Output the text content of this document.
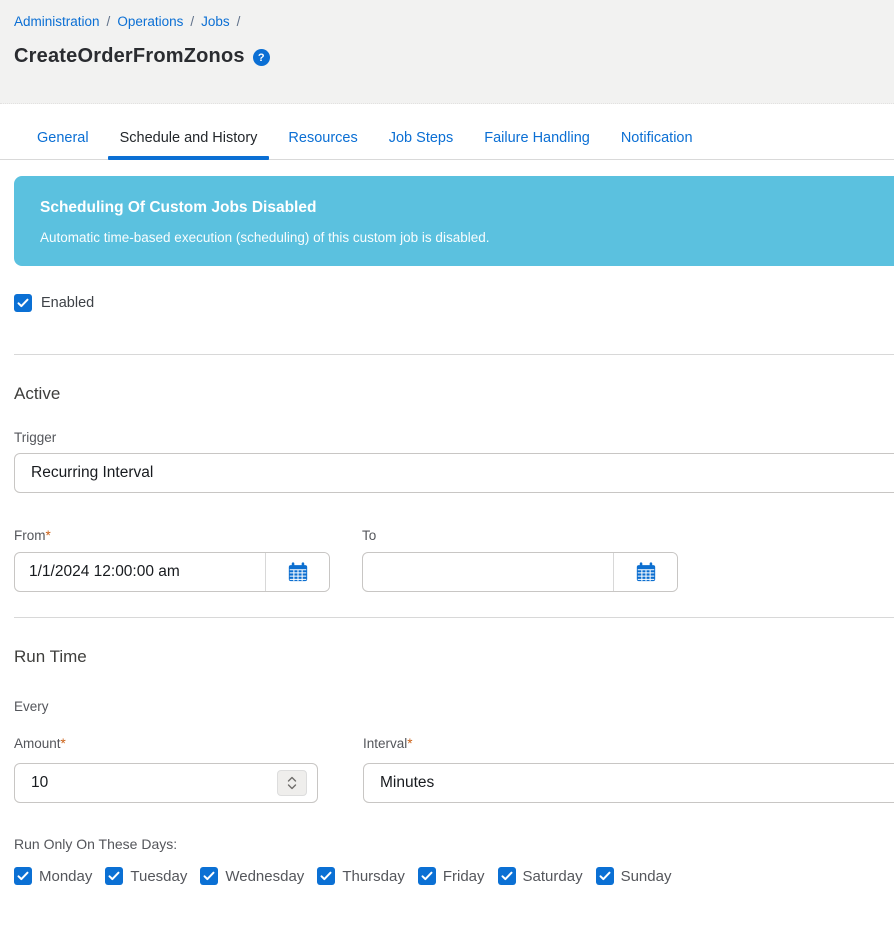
Administration / Operations / Jobs /
CreateOrderFromZonos	?
General Schedule and History Resources Job Steps Failure Handling Notification
Scheduling Of Custom Jobs Disabled
Automatic time-based execution (scheduling) of this custom job is disabled.
Enabled
Active
Trigger
Recurring Interval
From*
1/1/2024 12:00:00 am	To
Run Time
Every
Amount*
10	Interval*
Minutes
Run Only On These Days:
Monday	Tuesday	Wednesday	Thursday	Friday	Saturday	Sunday
